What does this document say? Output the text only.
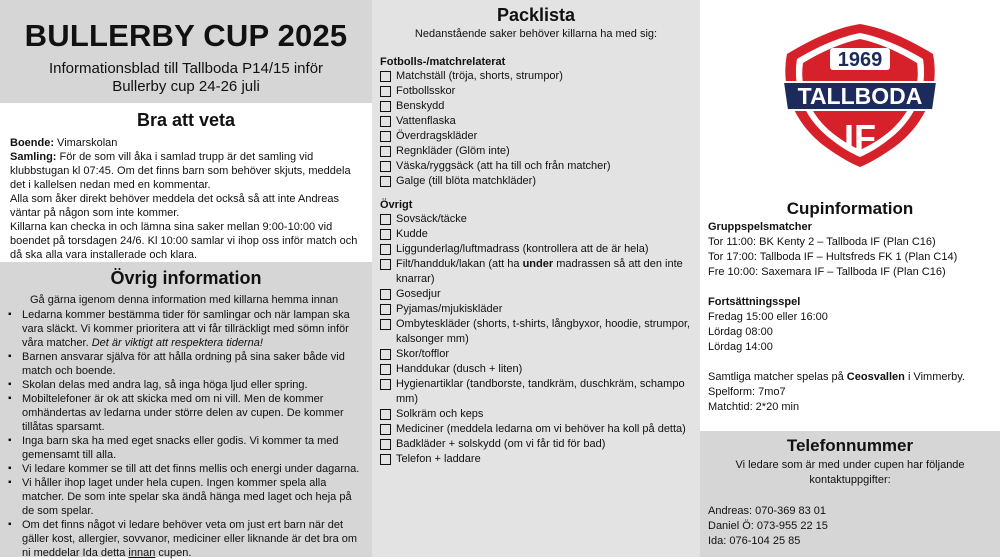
BULLERBY CUP 2025
Informationsblad till Tallboda P14/15 inför
Bullerby cup 24-26 juli
Bra att veta
Boende: Vimarskolan
Samling: För de som vill åka i samlad trupp är det samling vid klubbstugan kl 07:45. Om det finns barn som behöver skjuts, meddela det i kallelsen nedan med en kommentar.
Alla som åker direkt behöver meddela det också så att inte Andreas väntar på någon som inte kommer.
Killarna kan checka in och lämna sina saker mellan 9:00-10:00 vid boendet på torsdagen 24/6. Kl 10:00 samlar vi ihop oss inför match och då ska alla vara installerade och klara.
Övrig information
Gå gärna igenom denna information med killarna hemma innan
▪ Ledarna kommer bestämma tider för samlingar och när lampan ska vara släckt. Vi kommer prioritera att vi får tillräckligt med sömn inför våra matcher. Det är viktigt att respektera tiderna!
▪ Barnen ansvarar själva för att hålla ordning på sina saker både vid match och boende.
▪ Skolan delas med andra lag, så inga höga ljud eller spring.
▪ Mobiltelefoner är ok att skicka med om ni vill. Men de kommer omhändertas av ledarna under större delen av cupen. De kommer tillåtas sparsamt.
▪ Inga barn ska ha med eget snacks eller godis. Vi kommer ta med gemensamt till alla.
▪ Vi ledare kommer se till att det finns mellis och energi under dagarna.
▪ Vi håller ihop laget under hela cupen. Ingen kommer spela alla matcher. De som inte spelar ska ändå hänga med laget och heja på de som spelar.
▪ Om det finns något vi ledare behöver veta om just ert barn när det gäller kost, allergier, sovvanor, mediciner eller liknande är det bra om ni meddelar Ida detta innan cupen.
Packlista
Nedanstående saker behöver killarna ha med sig:
Fotbolls-/matchrelaterat
Matchställ (tröja, shorts, strumpor)
Fotbollsskor
Benskydd
Vattenflaska
Överdragskläder
Regnkläder (Glöm inte)
Väska/ryggsäck (att ha till och från matcher)
Galge (till blöta matchkläder)
Övrigt
Sovsäck/täcke
Kudde
Liggunderlag/luftmadrass (kontrollera att de är hela)
Filt/handduk/lakan (att ha under madrassen så att den inte knarrar)
Gosedjur
Pyjamas/mjukiskläder
Ombyteskläder (shorts, t-shirts, långbyxor, hoodie, strumpor, kalsonger mm)
Skor/tofflor
Handdukar (dusch + liten)
Hygienartiklar (tandborste, tandkräm, duschkräm, schampo mm)
Solkräm och keps
Mediciner (meddela ledarna om vi behöver ha koll på detta)
Badkläder + solskydd (om vi får tid för bad)
Telefon + laddare
1969
TALLBODA
IF
Cupinformation
Gruppspelsmatcher
Tor 11:00: BK Kenty 2 – Tallboda IF (Plan C16)
Tor 17:00: Tallboda IF – Hultsfreds FK 1 (Plan C14)
Fre 10:00: Saxemara IF – Tallboda IF (Plan C16)
Fortsättningsspel
Fredag 15:00 eller 16:00
Lördag 08:00
Lördag 14:00
Samtliga matcher spelas på Ceosvallen i Vimmerby.
Spelform: 7mo7
Matchtid: 2*20 min
Telefonnummer
Vi ledare som är med under cupen har följande kontaktuppgifter:
Andreas: 070-369 83 01
Daniel Ö: 073-955 22 15
Ida: 076-104 25 85
